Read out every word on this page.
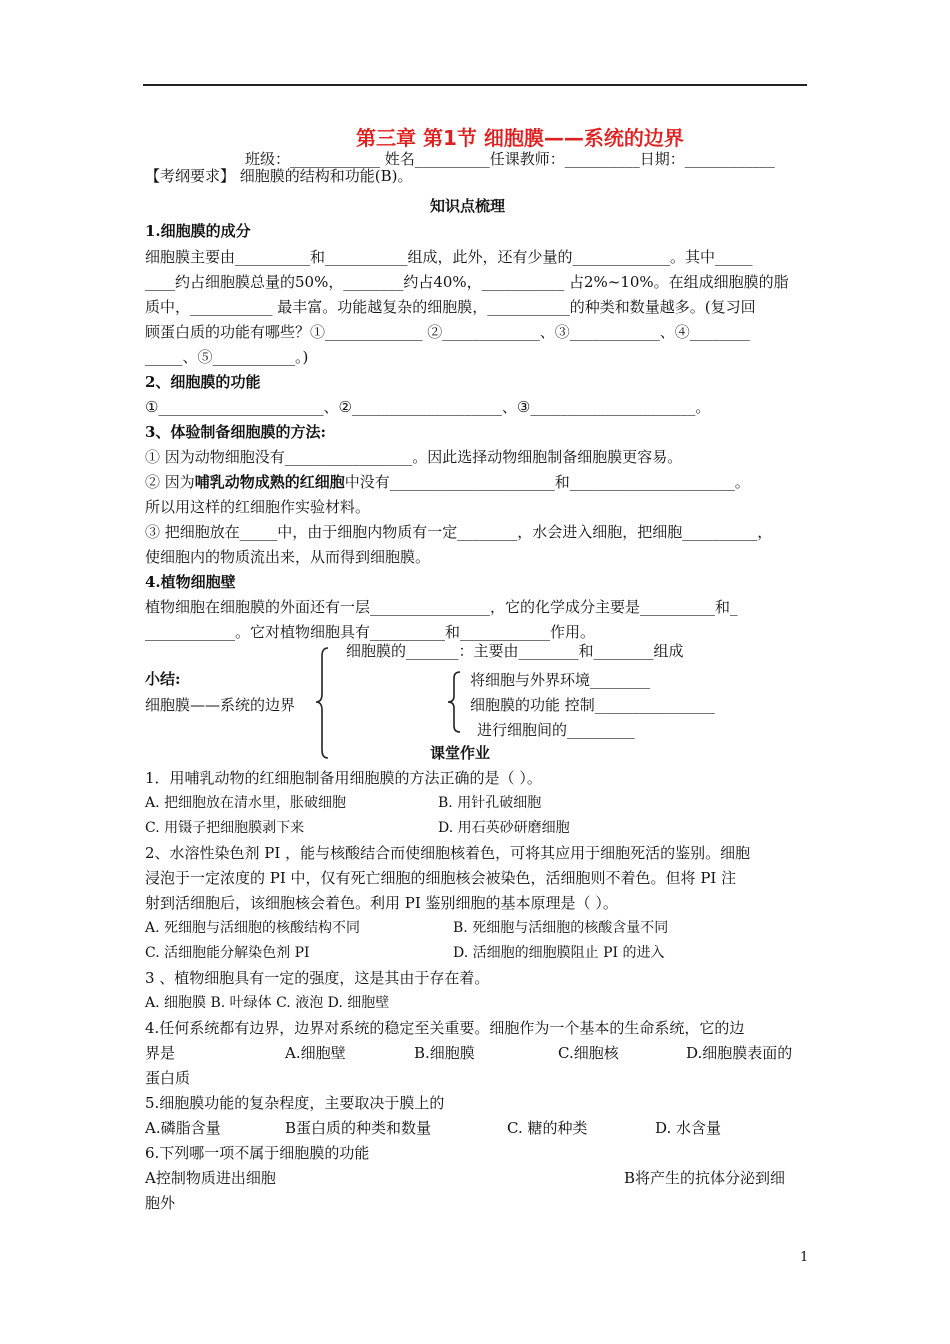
第三章 第1节 细胞膜——系统的边界
班级：____________ 姓名__________任课教师：__________日期：____________
【考纲要求】 细胞膜的结构和功能(B)。
知识点梳理
1.细胞膜的成分
细胞膜主要由__________和___________组成，此外，还有少量的_____________。其中_____
____约占细胞膜总量的50%，________约占40%，___________ 占2%~10%。在组成细胞膜的脂
质中，___________ 最丰富。功能越复杂的细胞膜，___________的种类和数量越多。(复习回
顾蛋白质的功能有哪些？①_____________ ②_____________、③____________、④________
_____、⑤___________。)
2、细胞膜的功能
①______________________、②____________________、③______________________。
3、体验制备细胞膜的方法:
① 因为动物细胞没有_________________。因此选择动物细胞制备细胞膜更容易。
② 因为哺乳动物成熟的红细胞中没有______________________和______________________。
所以用这样的红细胞作实验材料。
③ 把细胞放在_____中，由于细胞内物质有一定________，水会进入细胞，把细胞__________，
使细胞内的物质流出来，从而得到细胞膜。
4.植物细胞壁
植物细胞在细胞膜的外面还有一层________________，它的化学成分主要是__________和_
____________。它对植物细胞具有__________和____________作用。
细胞膜的_______：主要由________和________组成
小结:	将细胞与外界环境________
细胞膜——系统的边界	细胞膜的功能 控制________________
进行细胞间的_________
课堂作业
1．用哺乳动物的红细胞制备用细胞膜的方法正确的是（ ）。
A. 把细胞放在清水里，胀破细胞	B. 用针孔破细胞
C. 用镊子把细胞膜剥下来	D. 用石英砂研磨细胞
2、水溶性染色剂 PI ，能与核酸结合而使细胞核着色，可将其应用于细胞死活的鉴别。细胞
浸泡于一定浓度的 PI 中，仅有死亡细胞的细胞核会被染色，活细胞则不着色。但将 PI 注
射到活细胞后，该细胞核会着色。利用 PI 鉴别细胞的基本原理是（ ）。
A. 死细胞与活细胞的核酸结构不同	B. 死细胞与活细胞的核酸含量不同
C. 活细胞能分解染色剂 PI	D. 活细胞的细胞膜阻止 PI 的进入
3 、植物细胞具有一定的强度，这是其由于存在着。
A. 细胞膜 B. 叶绿体 C. 液泡 D. 细胞壁
4.任何系统都有边界，边界对系统的稳定至关重要。细胞作为一个基本的生命系统，它的边
界是	A.细胞壁	B.细胞膜	C.细胞核	D.细胞膜表面的
蛋白质
5.细胞膜功能的复杂程度，主要取决于膜上的
A.磷脂含量	B蛋白质的种类和数量	C. 糖的种类	D. 水含量
6.下列哪一项不属于细胞膜的功能
A控制物质进出细胞	B将产生的抗体分泌到细
胞外
1
